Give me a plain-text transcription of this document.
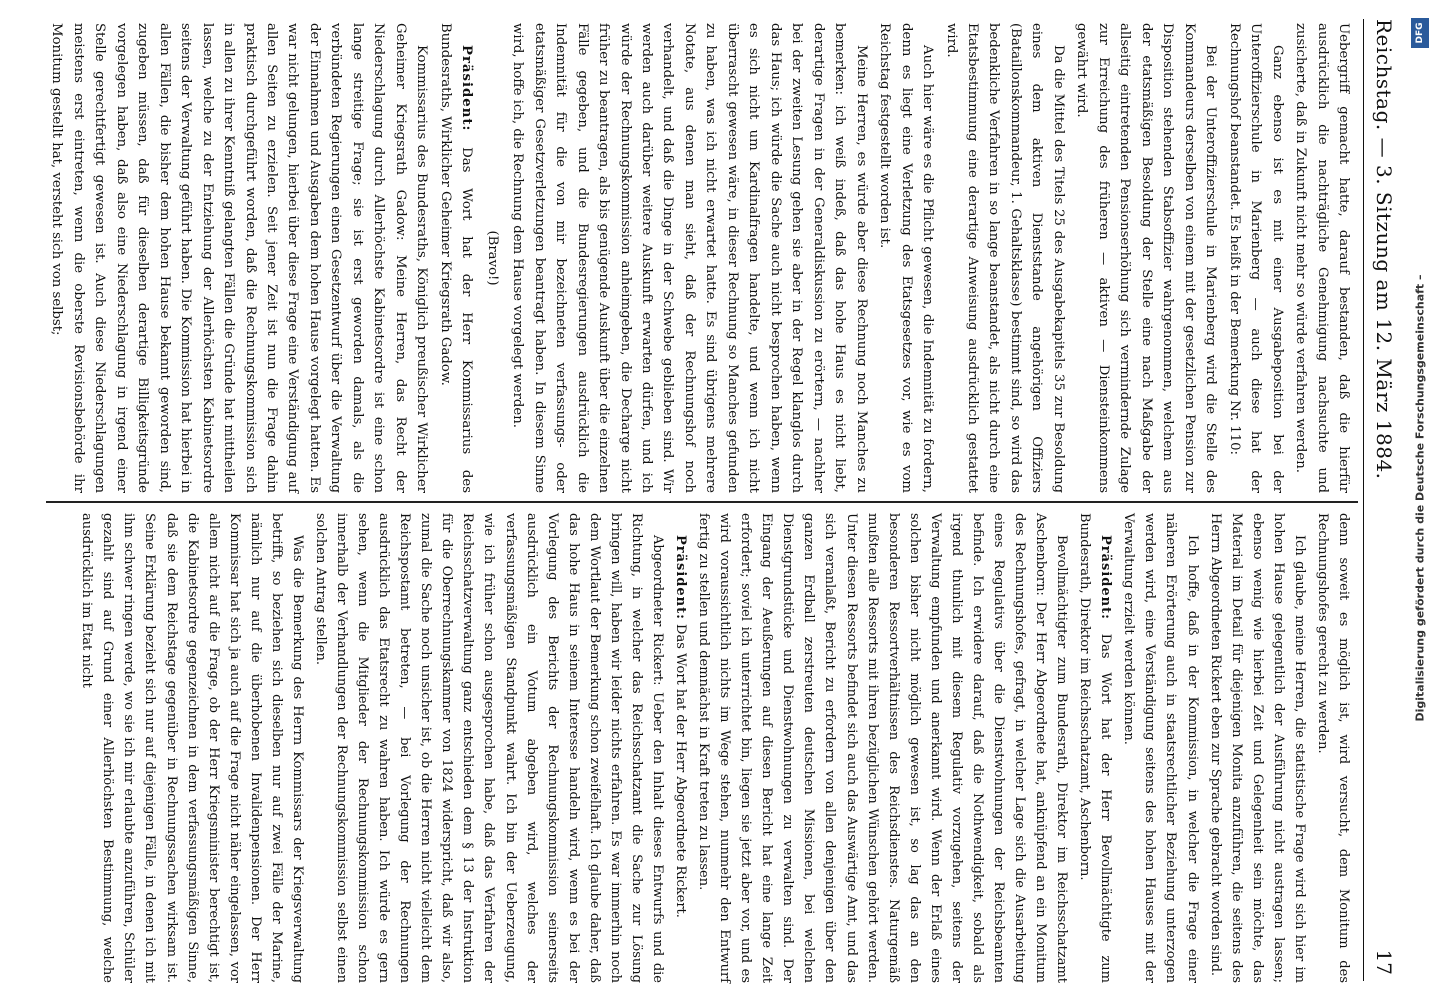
Reichstag. — 3. Sitzung am 12. März 1884.
17

Uebergriff gemacht hatte, darauf bestanden, daß die hierfür ausdrücklich die nachträgliche Genehmigung nachsuchte und zusicherte, daß in Zukunft nicht mehr so würde verfahren werden.

Ganz ebenso ist es mit einer Ausgabeposition bei der Unteroffizierschule in Marienberg — auch diese hat der Rechnungshof beanstandet. Es heißt in der Bemerkung Nr. 110:

Bei der Unteroffizierschule in Marienberg wird die Stelle des Kommandeurs derselben von einem mit der gesetzlichen Pension zur Disposition stehenden Stabsoffizier wahrgenommen, welchem aus der etatsmäßigen Besoldung der Stelle eine nach Maßgabe der allseitig eintretenden Pensionserhöhung sich vermindernde Zulage zur Erreichung des früheren — aktiven — Diensteinkommens gewährt wird.

Da die Mittel des Titels 25 des Ausgabekapitels 35 zur Besoldung eines dem aktiven Dienststande angehörigen Offiziers (Bataillonskommandeur, 1. Gehaltsklasse) bestimmt sind, so wird das bedenkliche Verfahren in so lange beanstandet, als nicht durch eine Etatsbestimmung eine derartige Anweisung ausdrücklich gestattet wird.

Auch hier wäre es die Pflicht gewesen, die Indemnität zu fordern, denn es liegt eine Verletzung des Etatsgesetzes vor, wie es vom Reichstag festgestellt worden ist.

Meine Herren, es würde aber diese Rechnung noch Manches zu bemerken: ich weiß indeß, daß das hohe Haus es nicht liebt, derartige Fragen in der Generaldiskussion zu erörtern, — nachher bei der zweiten Lesung gehen sie aber in der Regel klanglos durch das Haus; ich würde die Sache auch nicht besprochen haben, wenn es sich nicht um Kardinalfragen handelte, und wenn ich nicht überrascht gewesen wäre, in dieser Rechnung so Manches gefunden zu haben, was ich nicht erwartet hatte. Es sind übrigens mehrere Notate, aus denen man sieht, daß der Rechnungshof noch verhandelt, und daß die Dinge in der Schwebe geblieben sind. Wir werden auch darüber weitere Auskunft erwarten dürfen, und ich würde der Rechnungskommission anheimgeben, die Decharge nicht früher zu beantragen, als bis genügende Auskunft über die einzelnen Fälle gegeben, und die Bundesregierungen ausdrücklich die Indemnität für die von mir bezeichneten verfassungs- oder etatsmäßiger Gesetzverletzungen beantragt haben. In diesem Sinne wird, hoffe ich, die Rechnung dem Hause vorgelegt werden.

(Bravo!)

Präsident: Das Wort hat der Herr Kommissarius des Bundesraths, Wirklicher Geheimer Kriegsrath Gadow.

Kommissarius des Bundesraths, Königlich preußischer Wirklicher Geheimer Kriegsrath Gadow: Meine Herren, das Recht der Niederschlagung durch Allerhöchste Kabinetsordre ist eine schon lange streitige Frage; sie ist erst geworden damals, als die verbündeten Regierungen einen Gesetzentwurf über die Verwaltung der Einnahmen und Ausgaben dem hohen Hause vorgelegt hatten. Es war nicht gelungen, hierbei über diese Frage eine Verständigung auf allen Seiten zu erzielen. Seit jener Zeit ist nun die Frage dahin praktisch durchgeführt worden, daß die Rechnungskommission sich in allen zu ihrer Kenntniß gelangten Fällen die Gründe hat mittheilen lassen, welche zu der Entziehung der Allerhöchsten Kabinetsordre seitens der Verwaltung geführt haben. Die Kommission hat hierbei in allen Fällen, die bisher dem hohen Hause bekannt geworden sind, zugeben müssen, daß für dieselben derartige Billigkeitsgründe vorgelegen haben, daß also eine Niederschlagung in irgend einer Stelle gerechtfertigt gewesen ist. Auch diese Niederschlagungen meistens erst eintreten, wenn die oberste Revisionsbehörde ihr Monitum gestellt hat, versteht sich von selbst;

denn soweit es möglich ist, wird versucht, dem Monitum des Rechnungshofes gerecht zu werden.

Ich glaube, meine Herren, die statistische Frage wird sich hier im hohen Hause gelegentlich der Ausführung nicht austragen lassen; ebenso wenig wie hierbei Zeit und Gelegenheit sein möchte, das Material im Detail für diejenigen Monita anzuführen, die seitens des Herrn Abgeordneten Rickert eben zur Sprache gebracht worden sind.

Ich hoffe, daß in der Kommission, in welcher die Frage einer näheren Erörterung auch in staatsrechtlicher Beziehung unterzogen werden wird, eine Verständigung seitens des hohen Hauses mit der Verwaltung erzielt werden können.

Präsident: Das Wort hat der Herr Bevollmächtigte zum Bundesrath, Direktor im Reichsschatzamt, Aschenborn.

Bevollmächtigter zum Bundesrath, Direktor im Reichsschatzamt Aschenborn: Der Herr Abgeordnete hat, anknüpfend an ein Monitum des Rechnungshofes, gefragt, in welcher Lage sich die Ausarbeitung eines Regulativs über die Dienstwohnungen der Reichsbeamten befinde. Ich erwidere darauf, daß die Nothwendigkeit, sobald als irgend thunlich mit diesem Regulativ vorzugehen, seitens der Verwaltung empfunden und anerkannt wird. Wenn der Erlaß eines solchen bisher nicht möglich gewesen ist, so lag das an den besonderen Ressortverhältnissen des Reichsdienstes. Naturgemäß mußten alle Ressorts mit ihren bezüglichen Wünschen gehört werden. Unter diesen Ressorts befindet sich auch das Auswärtige Amt, und das sich veranlaßt, Bericht zu erfordern von allen denjenigen über den ganzen Erdball zerstreuten deutschen Missionen, bei welchen Dienstgrundstücke und Dienstwohnungen zu verwalten sind. Der Eingang der Aeußerungen auf diesen Bericht hat eine lange Zeit erfordert; soviel ich unterrichtet bin, liegen sie jetzt aber vor, und es wird voraussichtlich nichts im Wege stehen, nunmehr den Entwurf fertig zu stellen und demnächst in Kraft treten zu lassen.

Präsident: Das Wort hat der Herr Abgeordnete Rickert.

Abgeordneter Rickert: Ueber den Inhalt dieses Entwurfs und die Richtung, in welcher das Reichsschatzamt die Sache zur Lösung bringen will, haben wir leider nichts erfahren. Es war immerhin noch dem Wortlaut der Bemerkung schon zweifelhaft. Ich glaube daher, daß das hohe Haus in seinem Interesse handeln wird, wenn es bei der Vorlegung des Berichts der Rechnungskommission seinerseits ausdrücklich ein Votum abgeben wird, welches der verfassungsmäßigen Standpunkt wahrt. Ich bin der Ueberzeugung, wie ich früher schon ausgesprochen habe, daß das Verfahren der Reichsschatzverwaltung ganz entschieden dem § 13 der Instruktion für die Oberrechnungskammer von 1824 widerspricht, daß wir also, zumal die Sache noch unsicher ist, ob die Herren nicht vielleicht dem Reichspostamt betreten, — bei Vorlegung der Rechnungen ausdrücklich das Etatsrecht zu wahren haben. Ich würde es gern sehen, wenn die Mitglieder der Rechnungskommission schon innerhalb der Verhandlungen der Rechnungskommission selbst einen solchen Antrag stellen.

Was die Bemerkung des Herrn Kommissars der Kriegsverwaltung betrifft, so beziehen sich dieselben nur auf zwei Fälle der Marine, nämlich nur auf die überhobenen Invalidenpensionen. Der Herr Kommissar hat sich ja auch auf die Frage nicht näher eingelassen, vor allem nicht auf die Frage, ob der Herr Kriegsminister berechtigt ist, die Kabinetsordre gegenzeichnen in dem verfassungsmäßigen Sinne, daß sie dem Reichstage gegenüber in Rechnungssachen wirksam ist. Seine Erklärung bezieht sich nur auf diejenigen Fälle, in denen ich mit ihm schwer ringen werde, wo sie ich mir erlaubte anzuführen, Schüler gezahlt sind auf Grund einer Allerhöchsten Bestimmung, welche ausdrücklich im Etat nicht

DFG
Digitalisierung gefördert durch die Deutsche Forschungsgemeinschaft –
